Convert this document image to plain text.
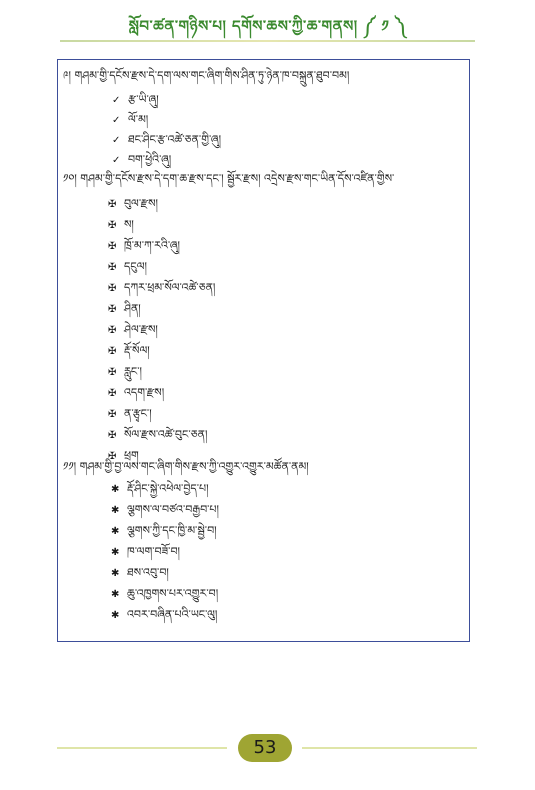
སློབ་ཚན་གཉིས་པ། དགོས་ཆས་ཀྱི་ཆ་གནས། ༼ ༡ ༽
༩། གཤམ་གྱི་དངོས་རྫས་དེ་དག་ལས་གང་ཞིག་གིས་ཤིན་ཏུ་ཉེན་ཁ་བསྐྲུན་ཐུབ་བམ།
✓ རྩ་ཡི་ཞུ།
✓ ལོ་མ།
✓ ཐང་ཤིང་རྩ་འཚེ་ཅན་གྱི་ཞུ།
✓ བག་ཕྱེའི་ཞུ།
༡༠། གཤམ་གྱི་དངོས་རྫས་དེ་དག་ཆ་རྫས་དང་། སྦྱོར་རྫས། འདྲེས་རྫས་གང་ཡིན་དོས་འཛིན་གྱིས་
✠ བུལ་རྫས།
✠ ས།
✠ ཁྲོ་མ་ཀ་རའི་ཞུ།
✠ དངུལ།
✠ དཀར་ཕྲམ་སོལ་འཚེ་ཅན།
✠ ཤིན།
✠ ཤེལ་རྫས།
✠ རྡོ་སོལ།
✠ རླུང་།
✠ འདག་རྫས།
✠ ན་རྩྭང་།
✠ སོལ་རྫས་འཚེ་བུང་ཅན།
✠ ཕྲག
༡༡། གཤམ་གྱི་བྱ་ལས་གང་ཞིག་གིས་རྫས་ཀྱི་འགྱུར་འགྱུར་མཚོན་ནམ།
✱ རྡོ་ཤིང་སྐྱེ་འཕེལ་བྱེད་པ།
✱ ལྕགས་ལ་བཙའ་བརྒྱབ་པ།
✱ ལྕགས་ཀྱི་དང་ཁྱི་མ་སྦྱེ་བ།
✱ ཁ་ལག་བཟོ་བ།
✱ ཐས་འབུ་བ།
✱ ཆུ་འཁྱགས་པར་འགྱུར་བ།
✱ འབར་བཞིན་པའི་ཡང་ལུ།
53
